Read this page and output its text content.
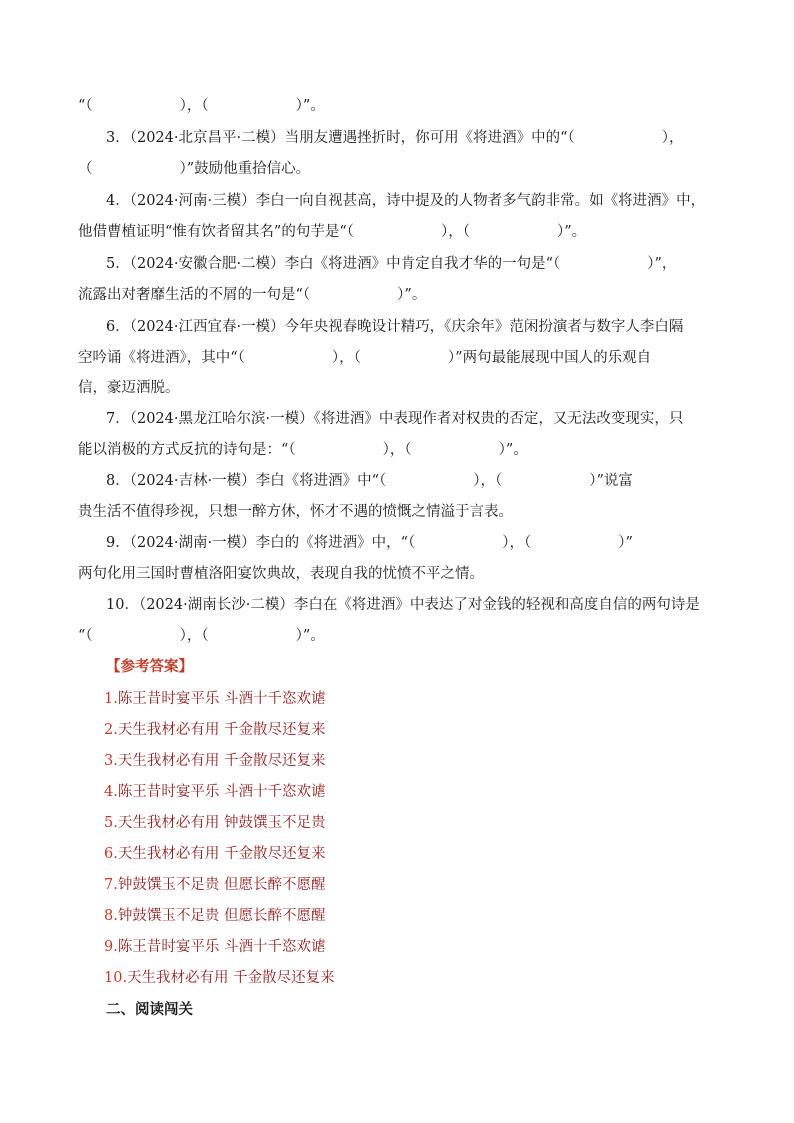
“（　　　　　　），（　　　　　　）”。
3．（2024·北京昌平·二模）当朋友遭遇挫折时，你可用《将进酒》中的“（　　　　　　），
（　　　　　　）”鼓励他重拾信心。
4．（2024·河南·三模）李白一向自视甚高，诗中提及的人物者多气韵非常。如《将进酒》中，
他借曹植证明“惟有饮者留其名”的句芋是“（　　　　　　），（　　　　　　）”。
5．（2024·安徽合肥·二模）李白《将进酒》中肯定自我才华的一句是“（　　　　　　）”，
流露出对奢靡生活的不屑的一句是“（　　　　　　）”。
6．（2024·江西宜春·一模）今年央视春晚设计精巧，《庆余年》范闲扮演者与数字人李白隔
空吟诵《将进酒》，其中“（　　　　　　），（　　　　　　）”两句最能展现中国人的乐观自
信，豪迈洒脱。
7．（2024·黑龙江哈尔滨·一模）《将进酒》中表现作者对权贵的否定，又无法改变现实，只
能以消极的方式反抗的诗句是：“（　　　　　　），（　　　　　　）”。
8．（2024·吉林·一模）李白《将进酒》中“（　　　　　　），（　　　　　　）”说富
贵生活不值得珍视，只想一醉方休，怀才不遇的愤慨之情溢于言表。
9．（2024·湖南·一模）李白的《将进酒》中，“（　　　　　　），（　　　　　　）”
两句化用三国时曹植洛阳宴饮典故，表现自我的忧愤不平之情。
10．（2024·湖南长沙·二模）李白在《将进酒》中表达了对金钱的轻视和高度自信的两句诗是
“（　　　　　　），（　　　　　　）”。
【参考答案】
1.陈王昔时宴平乐 斗酒十千恣欢谑
2.天生我材必有用 千金散尽还复来
3.天生我材必有用 千金散尽还复来
4.陈王昔时宴平乐 斗酒十千恣欢谑
5.天生我材必有用 钟鼓馔玉不足贵
6.天生我材必有用 千金散尽还复来
7.钟鼓馔玉不足贵 但愿长醉不愿醒
8.钟鼓馔玉不足贵 但愿长醉不愿醒
9.陈王昔时宴平乐 斗酒十千恣欢谑
10.天生我材必有用 千金散尽还复来
二、阅读闯关
